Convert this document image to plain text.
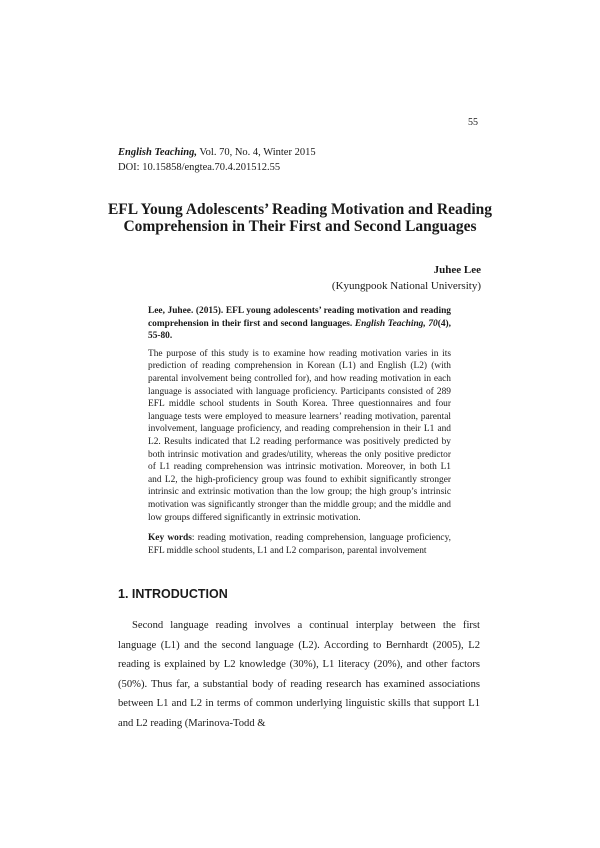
55
English Teaching, Vol. 70, No. 4, Winter 2015
DOI: 10.15858/engtea.70.4.201512.55
EFL Young Adolescents’ Reading Motivation and Reading
Comprehension in Their First and Second Languages
Juhee Lee
(Kyungpook National University)
Lee, Juhee. (2015). EFL young adolescents’ reading motivation and reading comprehension in their first and second languages. English Teaching, 70(4), 55-80.

The purpose of this study is to examine how reading motivation varies in its prediction of reading comprehension in Korean (L1) and English (L2) (with parental involvement being controlled for), and how reading motivation in each language is associated with language proficiency. Participants consisted of 289 EFL middle school students in South Korea. Three questionnaires and four language tests were employed to measure learners’ reading motivation, parental involvement, language proficiency, and reading comprehension in their L1 and L2. Results indicated that L2 reading performance was positively predicted by both intrinsic motivation and grades/utility, whereas the only positive predictor of L1 reading comprehension was intrinsic motivation. Moreover, in both L1 and L2, the high-proficiency group was found to exhibit significantly stronger intrinsic and extrinsic motivation than the low group; the high group’s intrinsic motivation was significantly stronger than the middle group; and the middle and low groups differed significantly in extrinsic motivation.

Key words: reading motivation, reading comprehension, language proficiency, EFL middle school students, L1 and L2 comparison, parental involvement
1. INTRODUCTION

Second language reading involves a continual interplay between the first language (L1) and the second language (L2). According to Bernhardt (2005), L2 reading is explained by L2 knowledge (30%), L1 literacy (20%), and other factors (50%). Thus far, a substantial body of reading research has examined associations between L1 and L2 in terms of common underlying linguistic skills that support L1 and L2 reading (Marinova-Todd &
